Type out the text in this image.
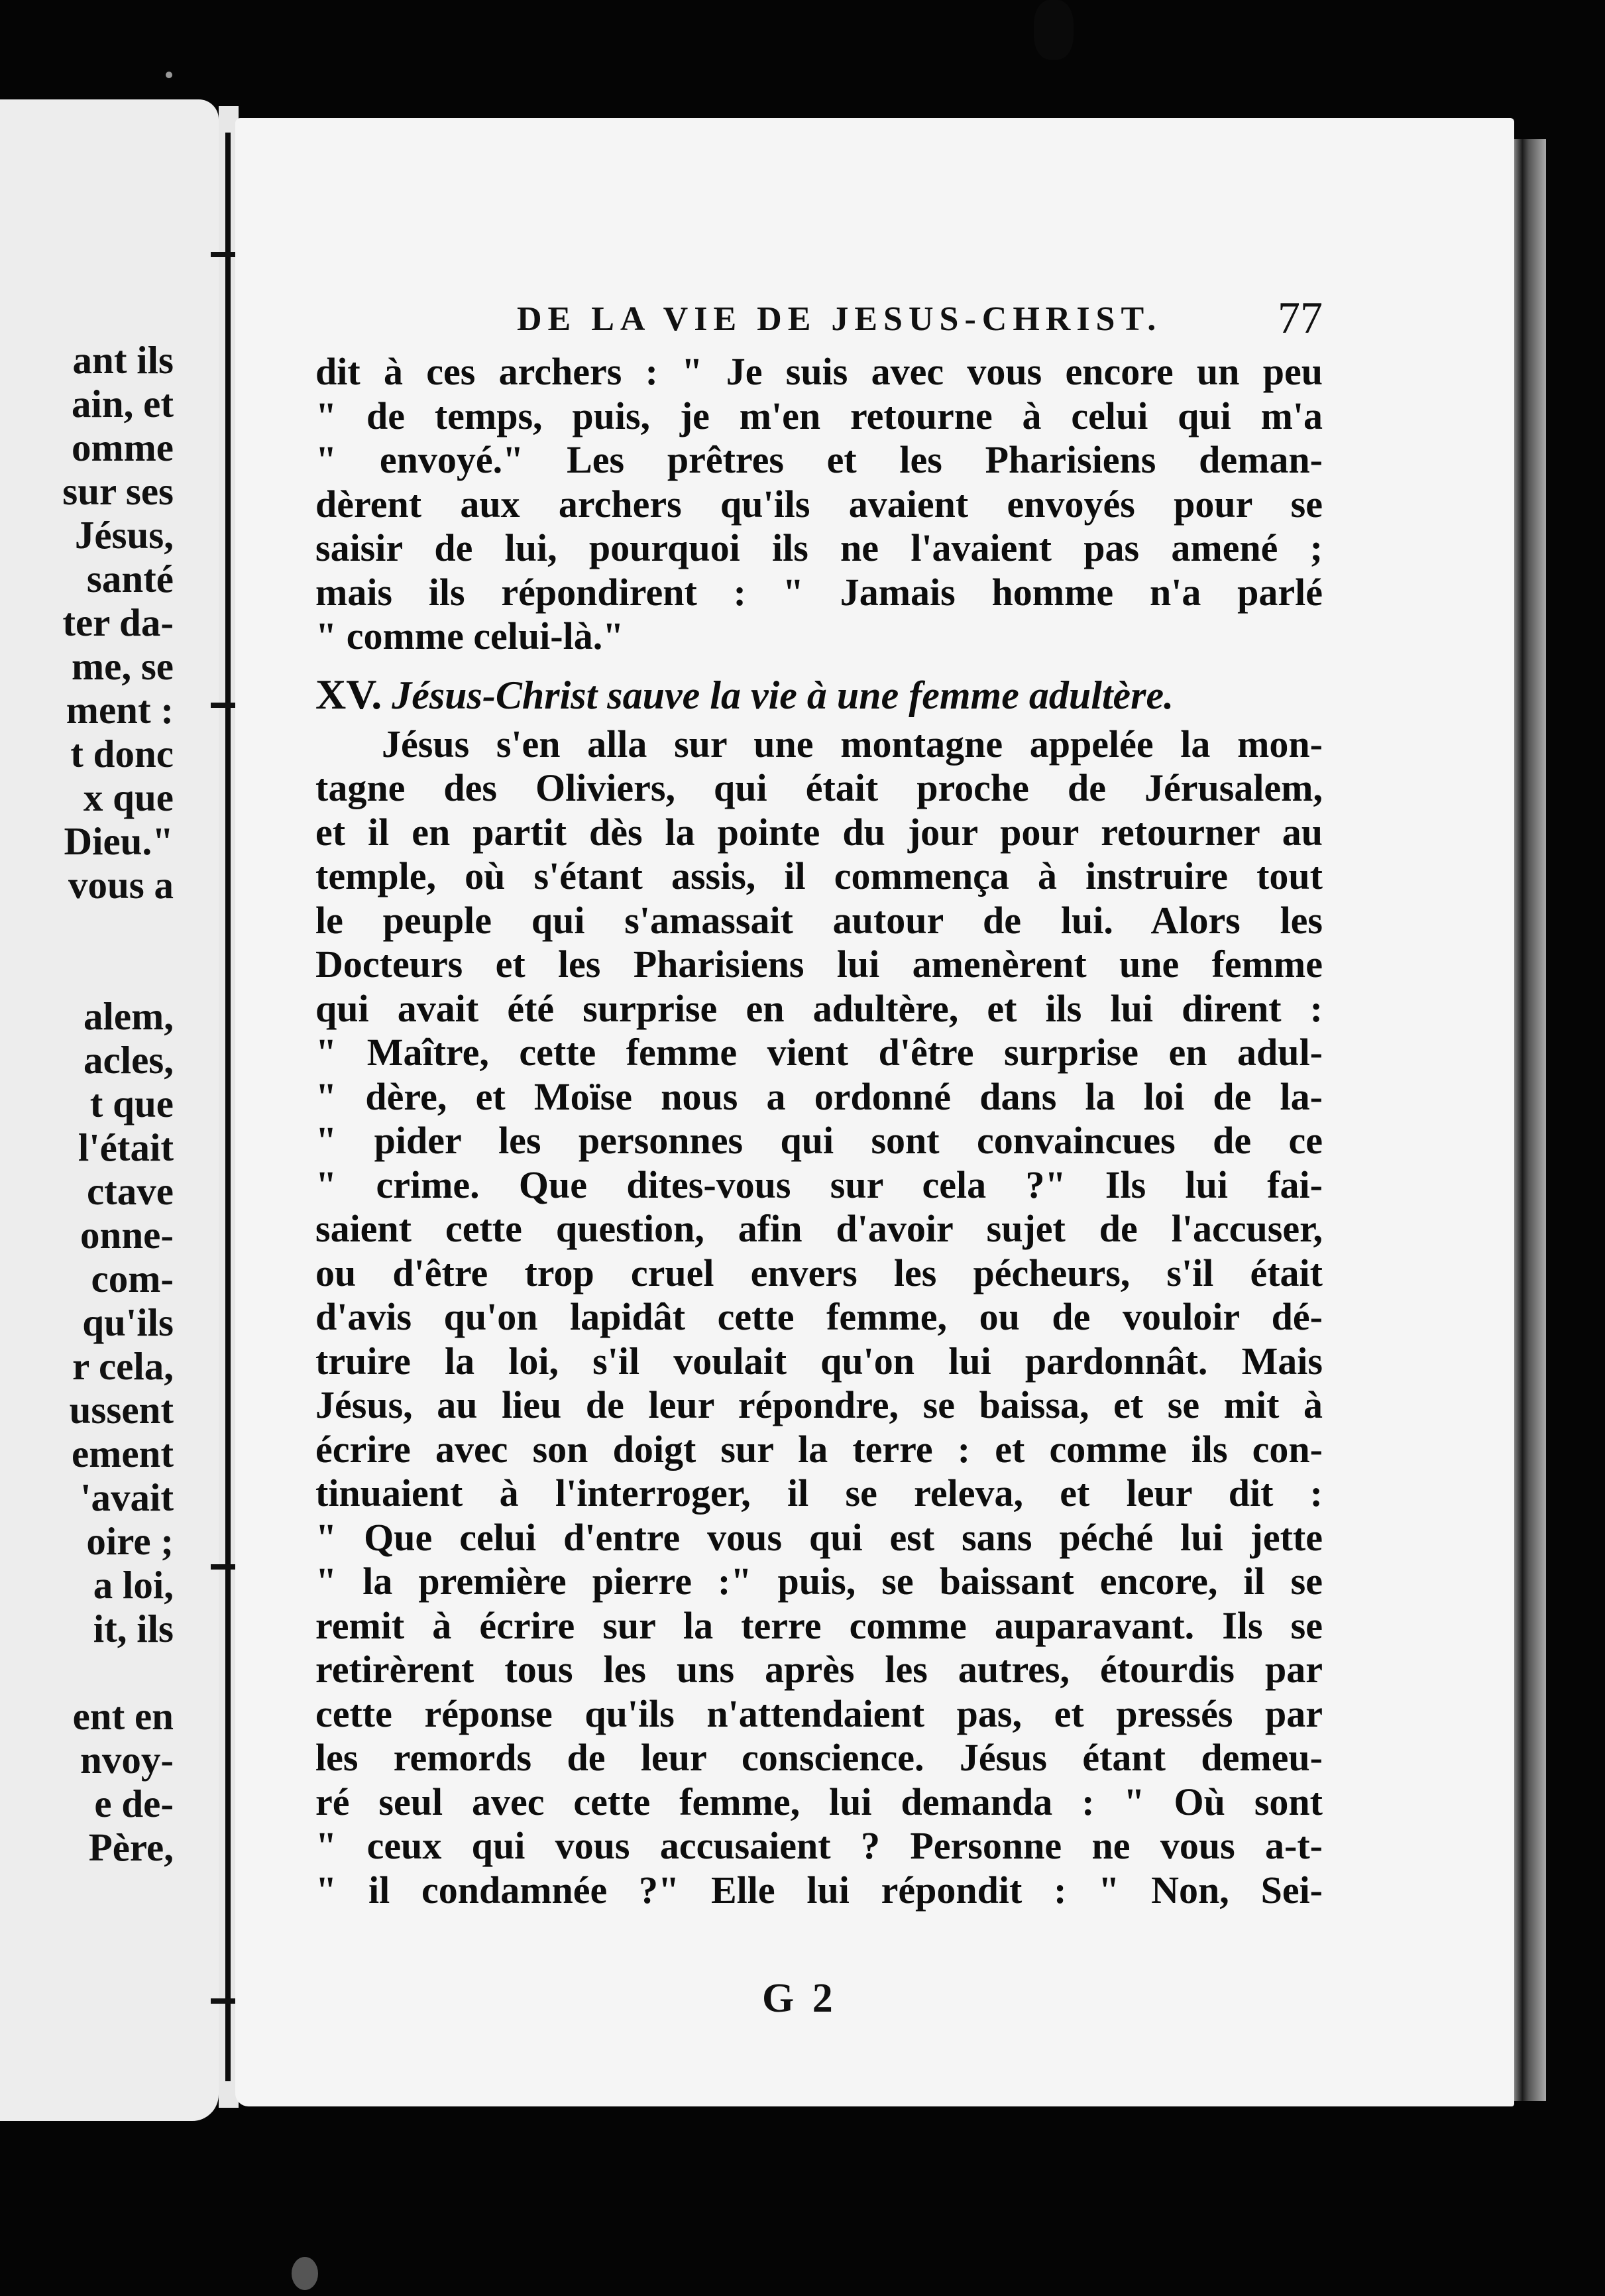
ant ils
ain, et
omme
sur ses
Jésus,
santé
ter da-
me, se
ment :
t donc
x que
Dieu."
vous a
alem,
acles,
t que
l'était
ctave
onne-
com-
qu'ils
r cela,
ussent
ement
'avait
oire ;
a loi,
it, ils
ent en
nvoy-
e de-
Père,
DE LA VIE DE JESUS-CHRIST.	77
dit à ces archers : " Je suis avec vous encore un peu
" de temps, puis, je m'en retourne à celui qui m'a
" envoyé." Les prêtres et les Pharisiens deman-
dèrent aux archers qu'ils avaient envoyés pour se
saisir de lui, pourquoi ils ne l'avaient pas amené ;
mais ils répondirent : " Jamais homme n'a parlé
" comme celui-là."
XV. Jésus-Christ sauve la vie à une femme adultère.
Jésus s'en alla sur une montagne appelée la mon-
tagne des Oliviers, qui était proche de Jérusalem,
et il en partit dès la pointe du jour pour retourner au
temple, où s'étant assis, il commença à instruire tout
le peuple qui s'amassait autour de lui. Alors les
Docteurs et les Pharisiens lui amenèrent une femme
qui avait été surprise en adultère, et ils lui dirent :
" Maître, cette femme vient d'être surprise en adul-
" dère, et Moïse nous a ordonné dans la loi de la-
" pider les personnes qui sont convaincues de ce
" crime. Que dites-vous sur cela ?" Ils lui fai-
saient cette question, afin d'avoir sujet de l'accuser,
ou d'être trop cruel envers les pécheurs, s'il était
d'avis qu'on lapidât cette femme, ou de vouloir dé-
truire la loi, s'il voulait qu'on lui pardonnât. Mais
Jésus, au lieu de leur répondre, se baissa, et se mit à
écrire avec son doigt sur la terre : et comme ils con-
tinuaient à l'interroger, il se releva, et leur dit :
" Que celui d'entre vous qui est sans péché lui jette
" la première pierre :" puis, se baissant encore, il se
remit à écrire sur la terre comme auparavant. Ils se
retirèrent tous les uns après les autres, étourdis par
cette réponse qu'ils n'attendaient pas, et pressés par
les remords de leur conscience. Jésus étant demeu-
ré seul avec cette femme, lui demanda : " Où sont
" ceux qui vous accusaient ? Personne ne vous a-t-
" il condamnée ?" Elle lui répondit : " Non, Sei-
G 2
